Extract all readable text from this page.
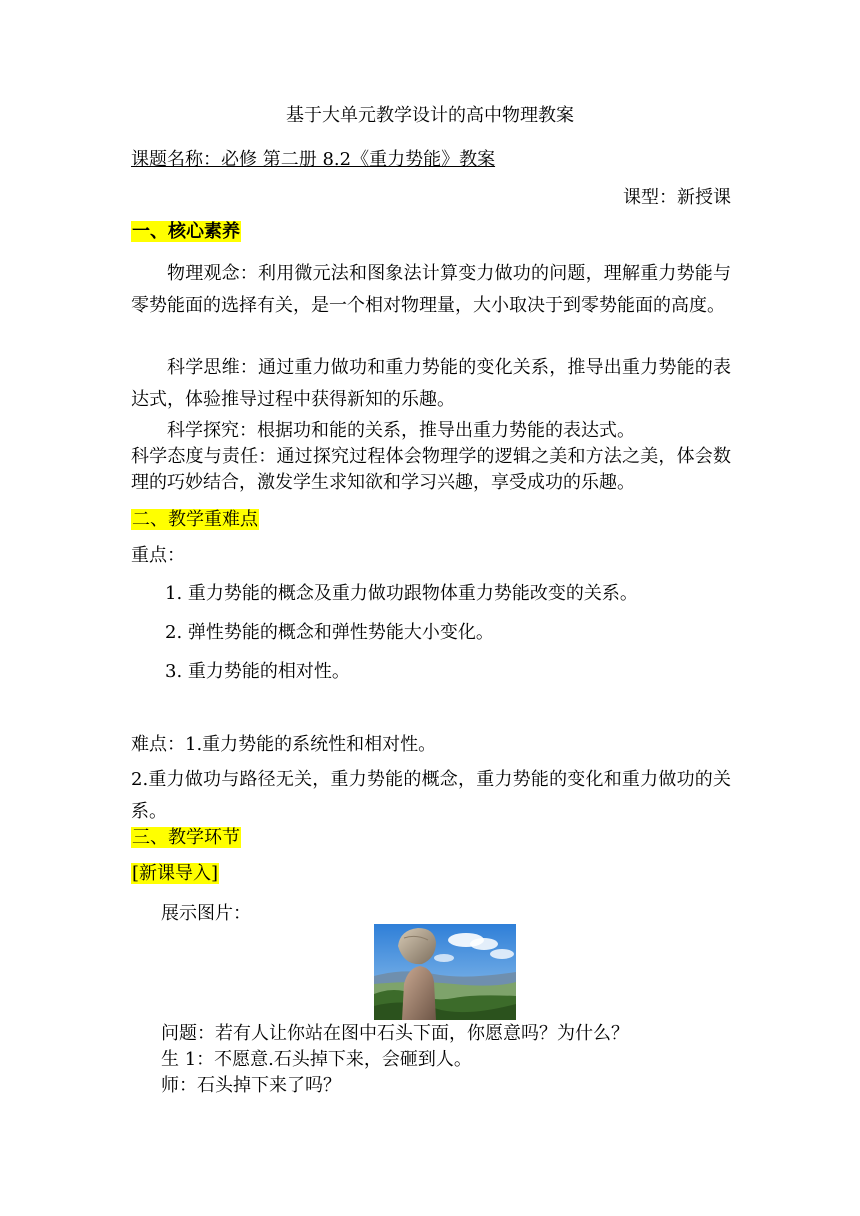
基于大单元教学设计的高中物理教案
课题名称：必修 第二册 8.2《重力势能》教案
课型：新授课
一、核心素养
物理观念：利用微元法和图象法计算变力做功的问题，理解重力势能与零势能面的选择有关，是一个相对物理量，大小取决于到零势能面的高度。
科学思维：通过重力做功和重力势能的变化关系，推导出重力势能的表达式，体验推导过程中获得新知的乐趣。
科学探究：根据功和能的关系，推导出重力势能的表达式。
科学态度与责任：通过探究过程体会物理学的逻辑之美和方法之美，体会数理的巧妙结合，激发学生求知欲和学习兴趣，享受成功的乐趣。
二、教学重难点
重点：
1. 重力势能的概念及重力做功跟物体重力势能改变的关系。
2. 弹性势能的概念和弹性势能大小变化。
3. 重力势能的相对性。
难点：1.重力势能的系统性和相对性。
2.重力做功与路径无关，重力势能的概念，重力势能的变化和重力做功的关系。
三、教学环节
[新课导入]
展示图片：
问题：若有人让你站在图中石头下面，你愿意吗？为什么？
生 1：不愿意.石头掉下来，会砸到人。
师：石头掉下来了吗？
